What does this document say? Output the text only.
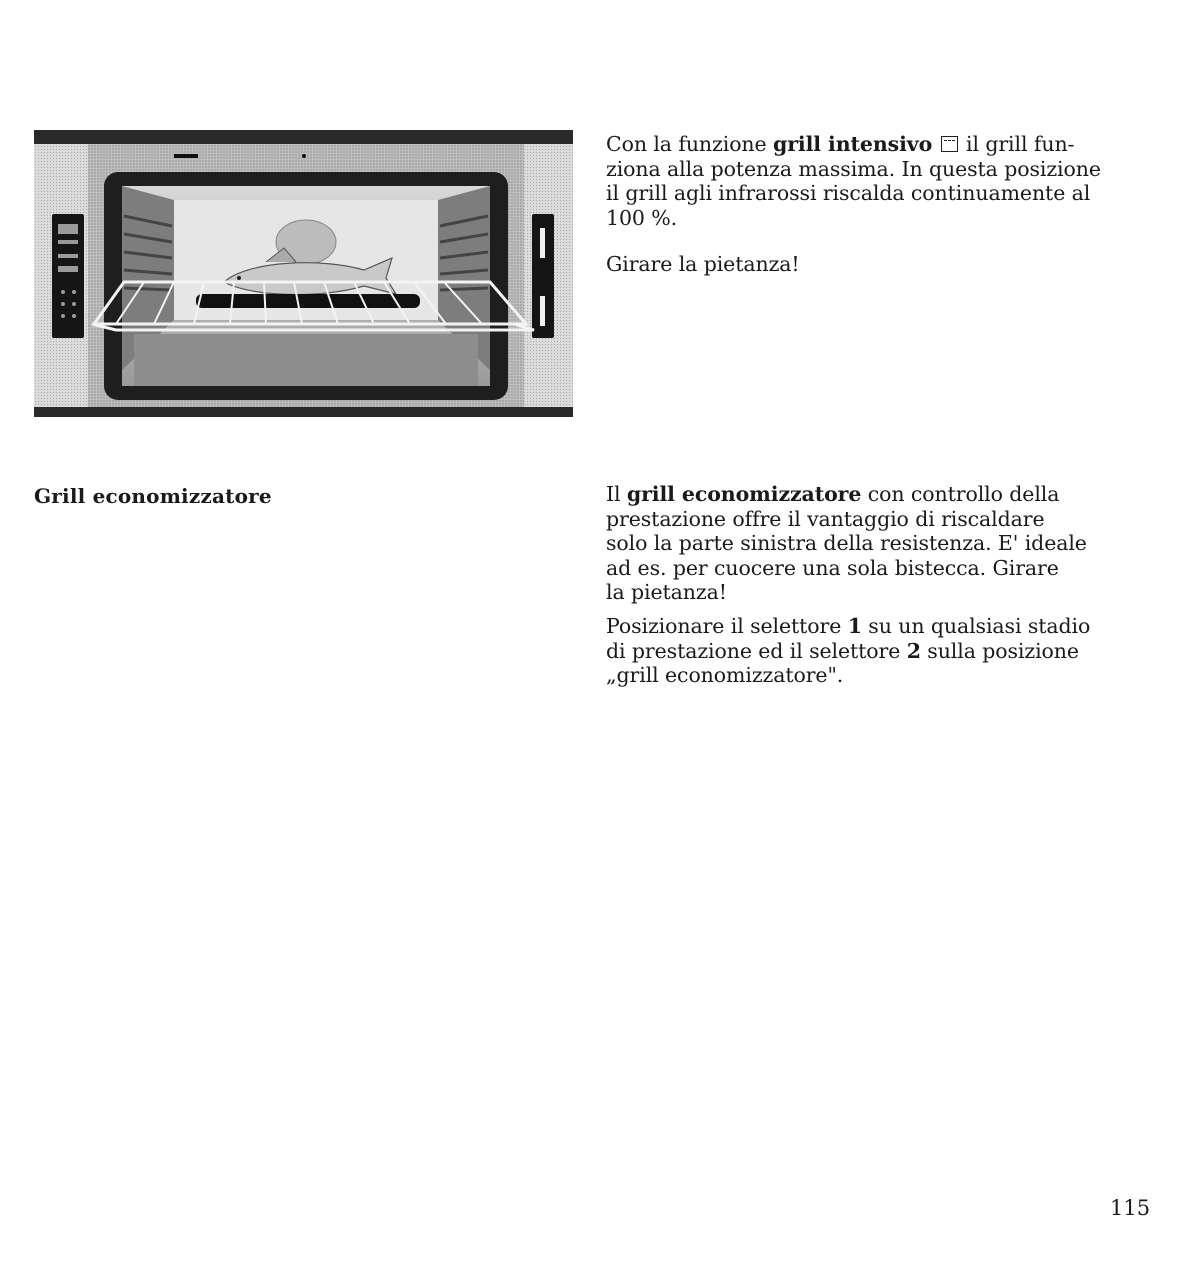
Con la funzione grill intensivo  il grill fun-
ziona alla potenza massima. In questa posizione
il grill agli infrarossi riscalda continuamente al
100 %.

Girare la pietanza!

Grill economizzatore	Il grill economizzatore con controllo della
prestazione offre il vantaggio di riscaldare
solo la parte sinistra della resistenza. E' ideale
ad es. per cuocere una sola bistecca. Girare
la pietanza!

Posizionare il selettore 1 su un qualsiasi stadio
di prestazione ed il selettore 2 sulla posizione
„grill economizzatore".

115
